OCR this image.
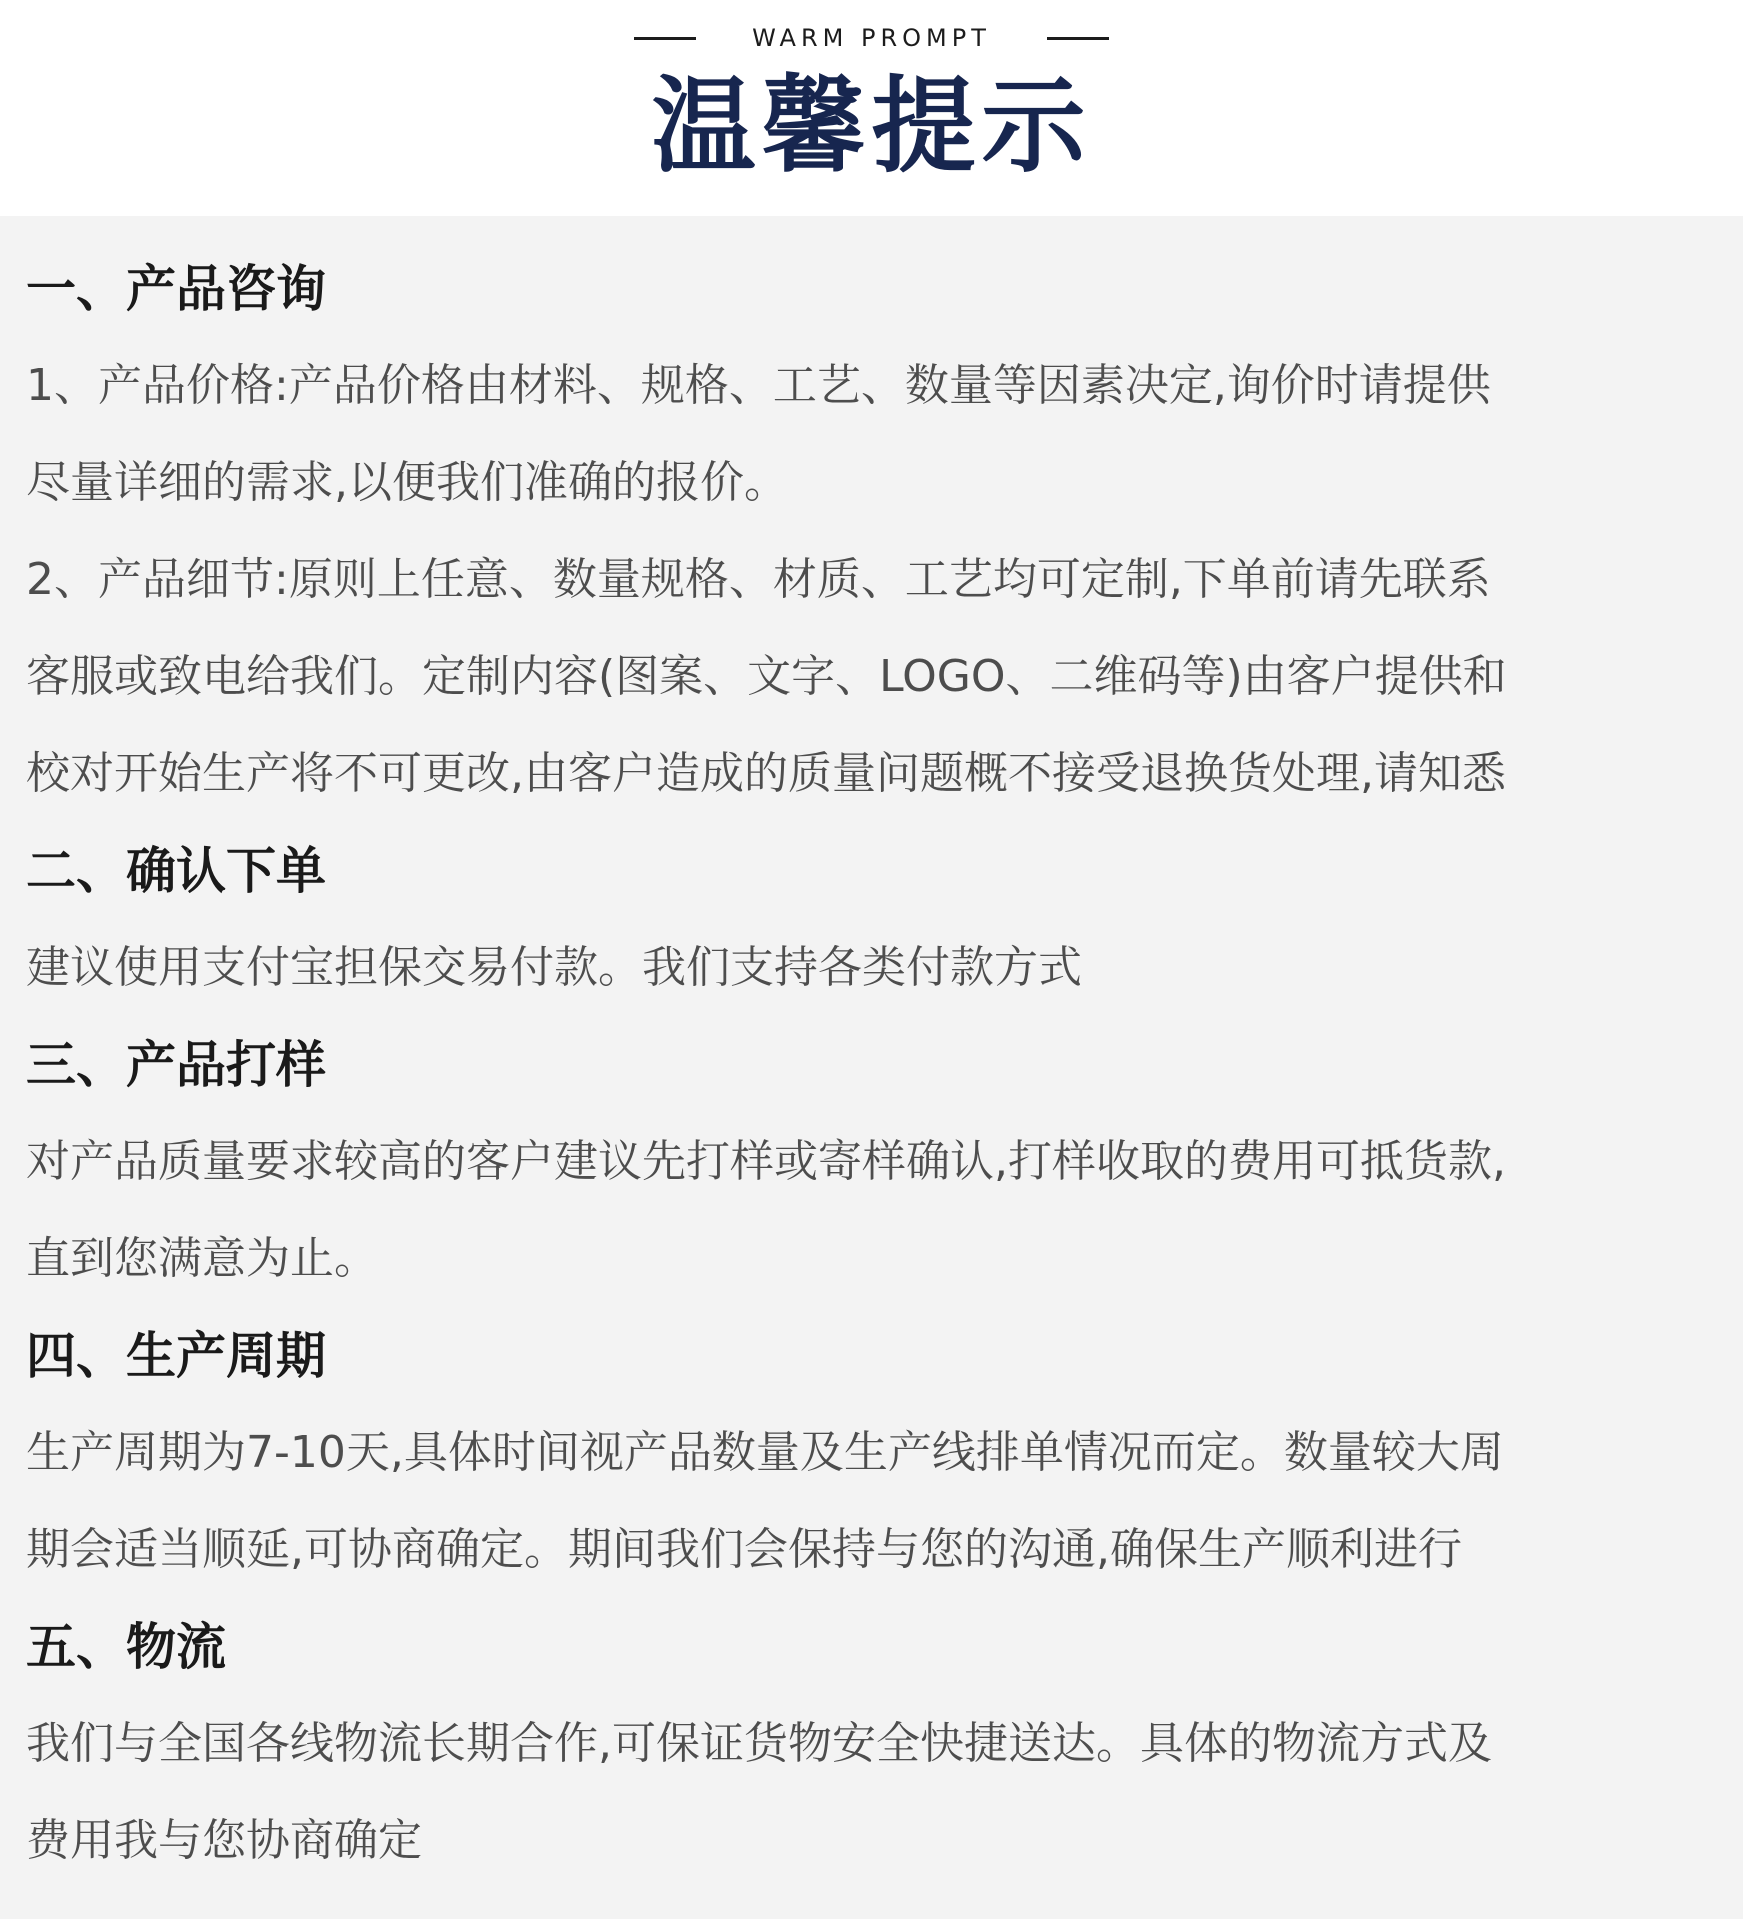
WARM PROMPT
温馨提示
一、产品咨询
1、产品价格:产品价格由材料、规格、工艺、数量等因素决定,询价时请提供
尽量详细的需求,以便我们准确的报价。
2、产品细节:原则上任意、数量规格、材质、工艺均可定制,下单前请先联系
客服或致电给我们。定制内容(图案、文字、LOGO、二维码等)由客户提供和
校对开始生产将不可更改,由客户造成的质量问题概不接受退换货处理,请知悉
二、确认下单
建议使用支付宝担保交易付款。我们支持各类付款方式
三、产品打样
对产品质量要求较高的客户建议先打样或寄样确认,打样收取的费用可抵货款,
直到您满意为止。
四、生产周期
生产周期为7-10天,具体时间视产品数量及生产线排单情况而定。数量较大周
期会适当顺延,可协商确定。期间我们会保持与您的沟通,确保生产顺利进行
五、物流
我们与全国各线物流长期合作,可保证货物安全快捷送达。具体的物流方式及
费用我与您协商确定
